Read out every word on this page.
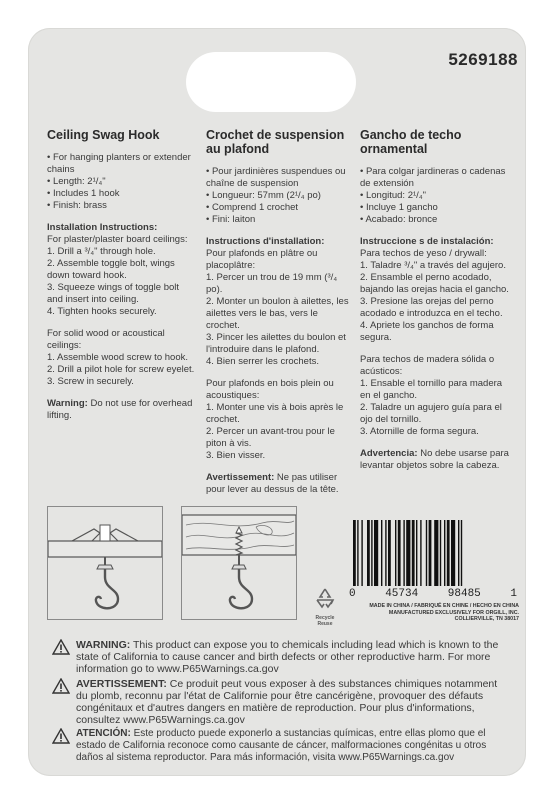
5269188
Ceiling Swag Hook
• For hanging planters or extender chains
• Length: 2¹/₄"
• Includes 1 hook
• Finish: brass
Installation Instructions:

For plaster/plaster board ceilings:

1. Drill a ³/₄" through hole.
2. Assemble toggle bolt, wings down toward hook.
3. Squeeze wings of toggle bolt and insert into ceiling.
4. Tighten hooks securely.

For solid wood or acoustical ceilings:

1. Assemble wood screw to hook.
2. Drill a pilot hole for screw eyelet.
3. Screw in securely.

Warning: Do not use for overhead lifting.

Crochet de suspension au plafond
• Pour jardinières suspendues ou chaîne de suspension
• Longueur: 57mm (2¹/₄ po)
• Comprend 1 crochet
• Fini: laiton
Instructions d'installation:

Pour plafonds en plâtre ou placoplâtre:

1. Percer un trou de 19 mm (³/₄ po).
2. Monter un boulon à ailettes, les ailettes vers le bas, vers le crochet.
3. Pincer les ailettes du boulon et l'introduire dans le plafond.
4. Bien serrer les crochets.

Pour plafonds en bois plein ou acoustiques:

1. Monter une vis à bois après le crochet.
2. Percer un avant-trou pour le piton à vis.
3. Bien visser.

Avertissement: Ne pas utiliser pour lever au dessus de la tête.

Gancho de techo ornamental
• Para colgar jardineras o cadenas de extensión
• Longitud: 2¹/₄"
• Incluye 1 gancho
• Acabado: bronce
Instruccione s de instalación:

Para techos de yeso / drywall:

1. Taladre ³/₄" a través del agujero.
2. Ensamble el perno acodado, bajando las orejas hacia el gancho.
3. Presione las orejas del perno acodado e introduzca en el techo.
4. Apriete los ganchos de forma segura.

Para techos de madera sólida o acústicos:

1. Ensable el tornillo para madera en el gancho.
2. Taladre un agujero guía para el ojo del tornillo.
3. Atornille de forma segura.

Advertencia: No debe usarse para levantar objetos sobre la cabeza.

Recycle Reuse
0	45734	98485	1
MADE IN CHINA / FABRIQUÉ EN CHINE / HECHO EN CHINA
MANUFACTURED EXCLUSIVELY FOR ORGILL, INC.
COLLIERVILLE, TN 38017
WARNING: This product can expose you to chemicals including lead which is known to the state of California to cause cancer and birth defects or other reproductive harm. For more information go to www.P65Warnings.ca.gov
AVERTISSEMENT: Ce produit peut vous exposer à des substances chimiques notamment du plomb, reconnu par l'état de Californie pour être cancérigène, provoquer des défauts congénitaux et d'autres dangers en matière de reproduction. Pour plus d'informations, consultez www.P65Warnings.ca.gov
ATENCIÓN: Este producto puede exponerlo a sustancias químicas, entre ellas plomo que el estado de California reconoce como causante de cáncer, malformaciones congénitas u otros daños al sistema reproductor. Para más información, visita www.P65Warnings.ca.gov
